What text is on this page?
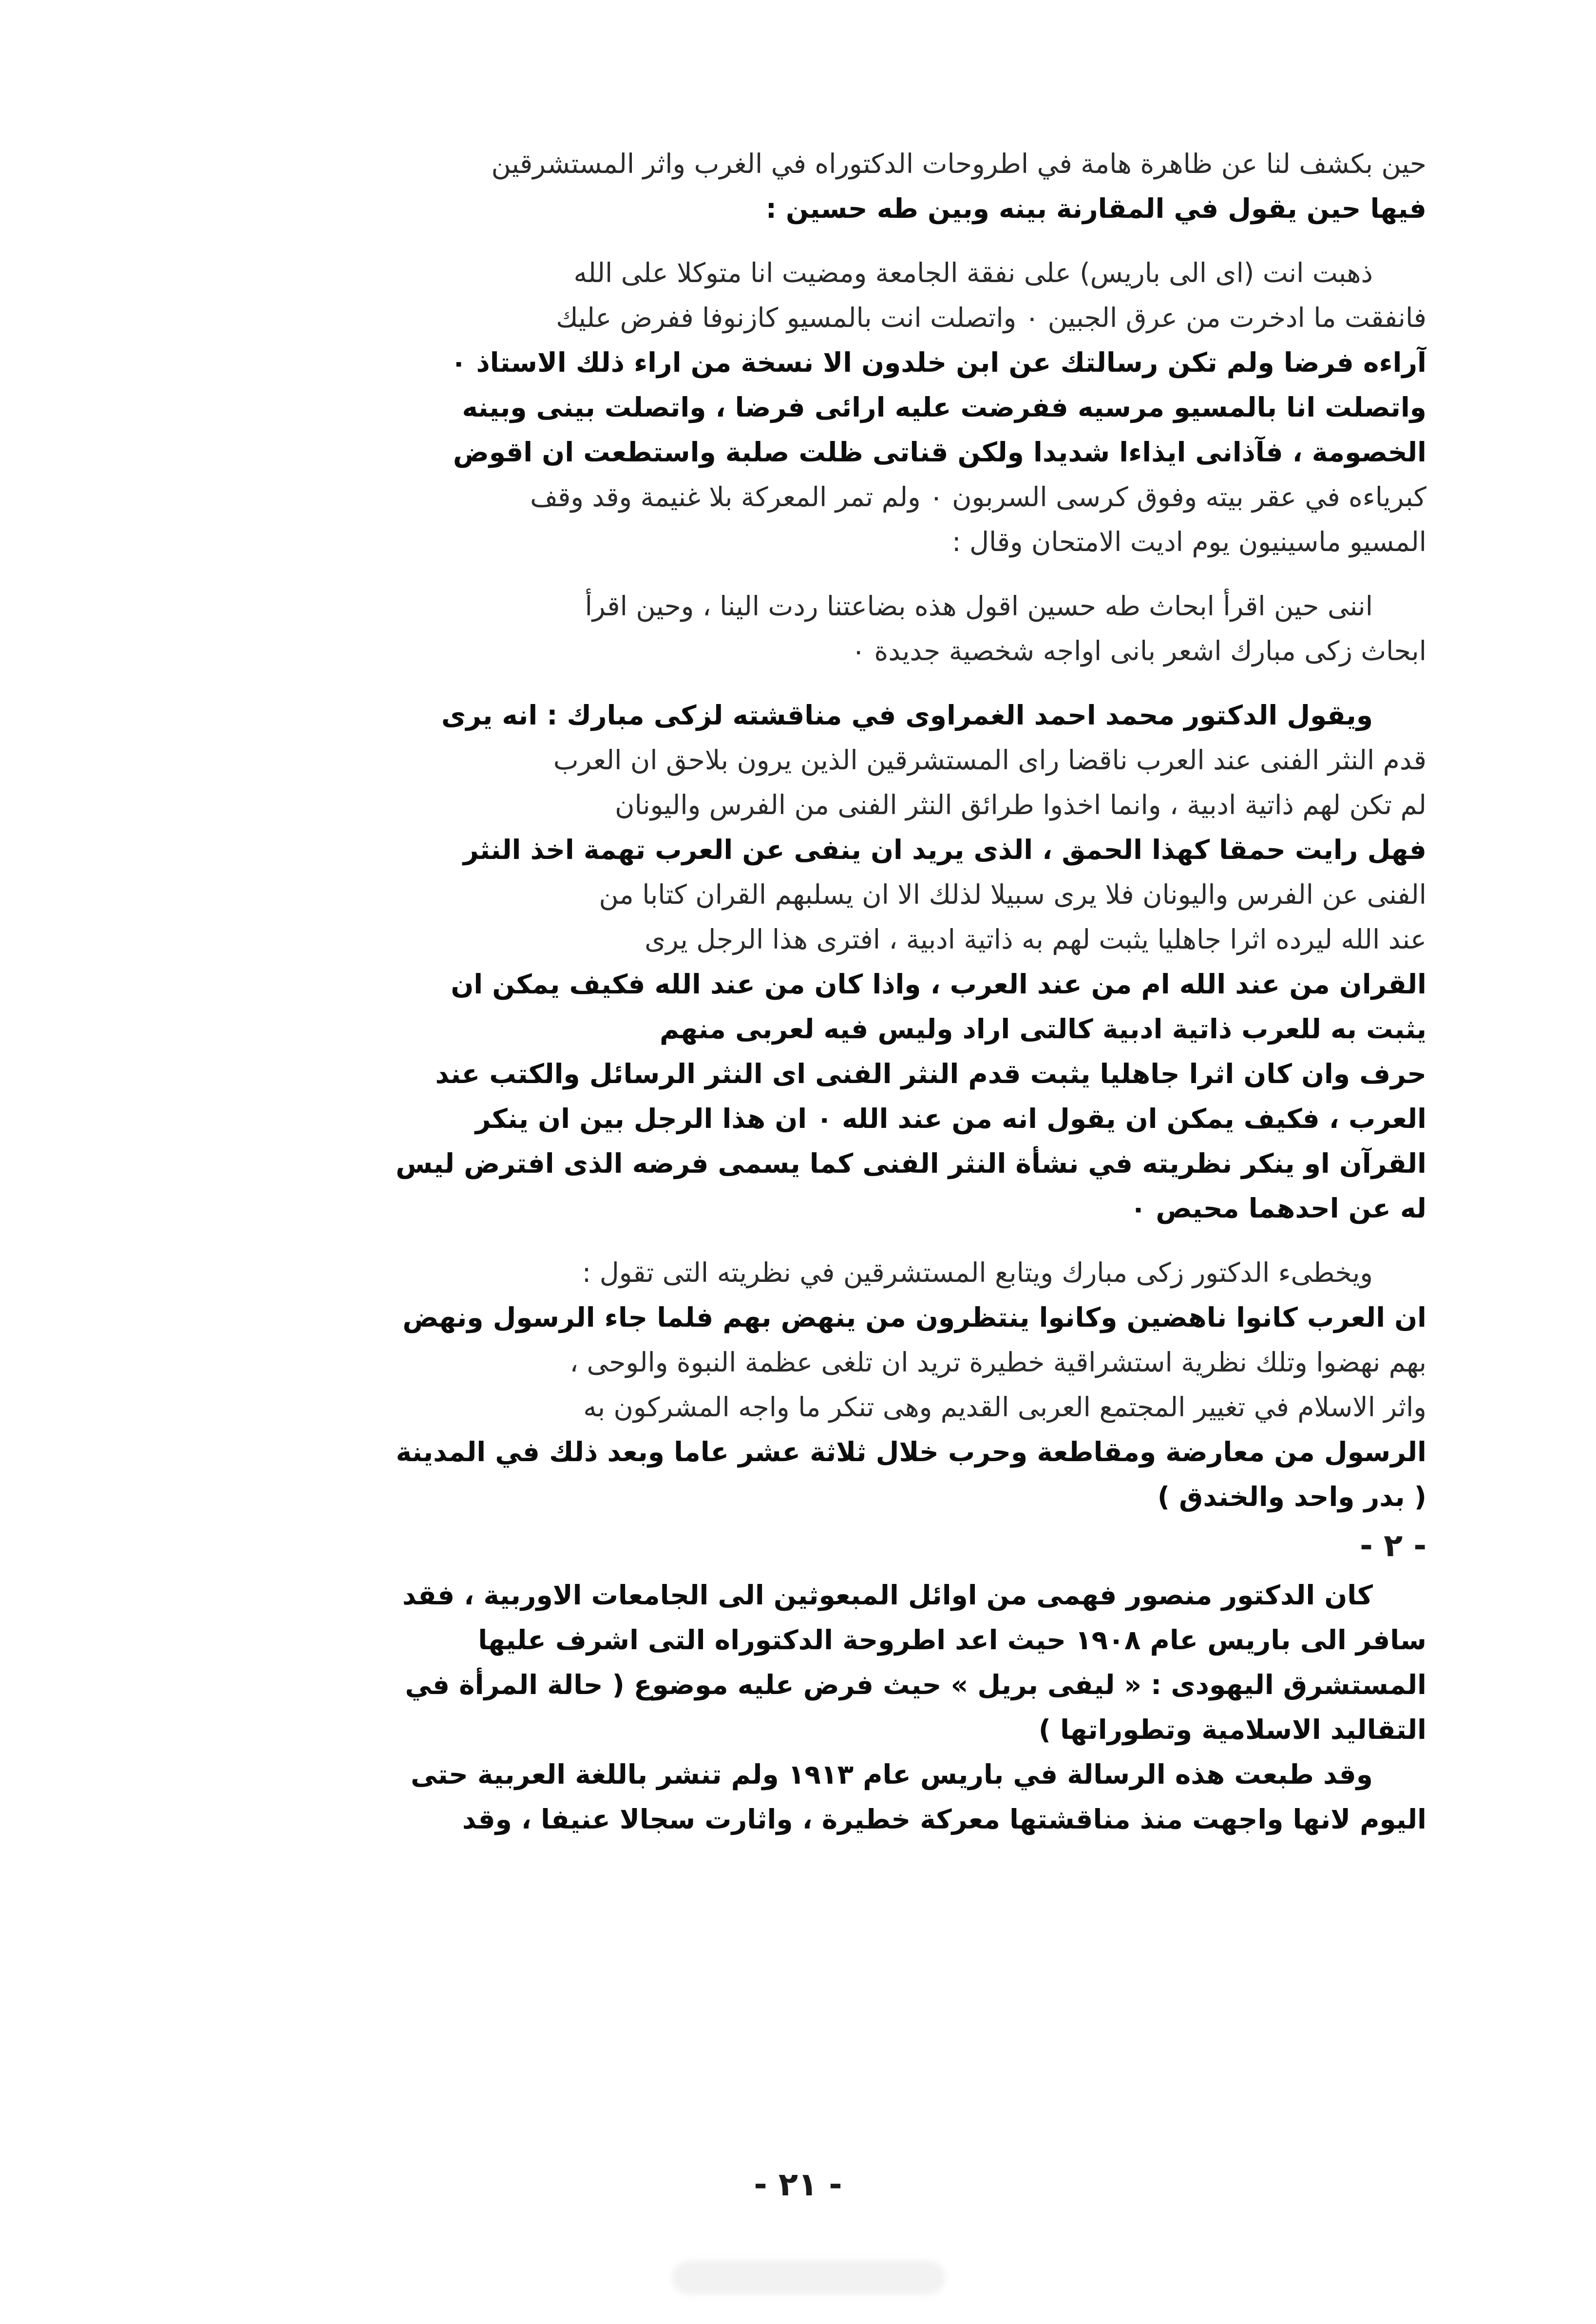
حين بكشف لنا عن ظاهرة هامة في اطروحات الدكتوراه في الغرب واثر المستشرقين
فيها حين يقول في المقارنة بينه وبين طه حسين :
ذهبت انت (اى الى باريس) على نفقة الجامعة ومضيت انا متوكلا على الله
فانفقت ما ادخرت من عرق الجبين ٠ واتصلت انت بالمسيو كازنوفا ففرض عليك
آراءه فرضا ولم تكن رسالتك عن ابن خلدون الا نسخة من اراء ذلك الاستاذ ٠
واتصلت انا بالمسيو مرسيه ففرضت عليه ارائى فرضا ، واتصلت بينى وبينه
الخصومة ، فآذانى ايذاءا شديدا ولكن قناتى ظلت صلبة واستطعت ان اقوض
كبرياءه في عقر بيته وفوق كرسى السربون ٠ ولم تمر المعركة بلا غنيمة وقد وقف
المسيو ماسينيون يوم اديت الامتحان وقال :
اننى حين اقرأ ابحاث طه حسين اقول هذه بضاعتنا ردت الينا ، وحين اقرأ
ابحاث زكى مبارك اشعر بانى اواجه شخصية جديدة ٠
ويقول الدكتور محمد احمد الغمراوى في مناقشته لزكى مبارك : انه يرى
قدم النثر الفنى عند العرب ناقضا راى المستشرقين الذين يرون بلاحق ان العرب
لم تكن لهم ذاتية ادبية ، وانما اخذوا طرائق النثر الفنى من الفرس واليونان
فهل رايت حمقا كهذا الحمق ، الذى يريد ان ينفى عن العرب تهمة اخذ النثر
الفنى عن الفرس واليونان فلا يرى سبيلا لذلك الا ان يسلبهم القران كتابا من
عند الله ليرده اثرا جاهليا يثبت لهم به ذاتية ادبية ، افترى هذا الرجل يرى
القران من عند الله ام من عند العرب ، واذا كان من عند الله فكيف يمكن ان
يثبت به للعرب ذاتية ادبية كالتى اراد وليس فيه لعربى منهم
حرف وان كان اثرا جاهليا يثبت قدم النثر الفنى اى النثر الرسائل والكتب عند
العرب ، فكيف يمكن ان يقول انه من عند الله ٠ ان هذا الرجل بين ان ينكر
القرآن او ينكر نظريته في نشأة النثر الفنى كما يسمى فرضه الذى افترض ليس
له عن احدهما محيص ٠
ويخطىء الدكتور زكى مبارك ويتابع المستشرقين في نظريته التى تقول :
ان العرب كانوا ناهضين وكانوا ينتظرون من ينهض بهم فلما جاء الرسول ونهض
بهم نهضوا وتلك نظرية استشراقية خطيرة تريد ان تلغى عظمة النبوة والوحى ،
واثر الاسلام في تغيير المجتمع العربى القديم وهى تنكر ما واجه المشركون به
الرسول من معارضة ومقاطعة وحرب خلال ثلاثة عشر عاما وبعد ذلك في المدينة
( بدر واحد والخندق )
- ٢ -
كان الدكتور منصور فهمى من اوائل المبعوثين الى الجامعات الاوربية ، فقد
سافر الى باريس عام ١٩٠٨ حيث اعد اطروحة الدكتوراه التى اشرف عليها
المستشرق اليهودى : « ليفى بريل » حيث فرض عليه موضوع ( حالة المرأة في
التقاليد الاسلامية وتطوراتها )
وقد طبعت هذه الرسالة في باريس عام ١٩١٣ ولم تنشر باللغة العربية حتى
اليوم لانها واجهت منذ مناقشتها معركة خطيرة ، واثارت سجالا عنيفا ، وقد
- ٢١ -
